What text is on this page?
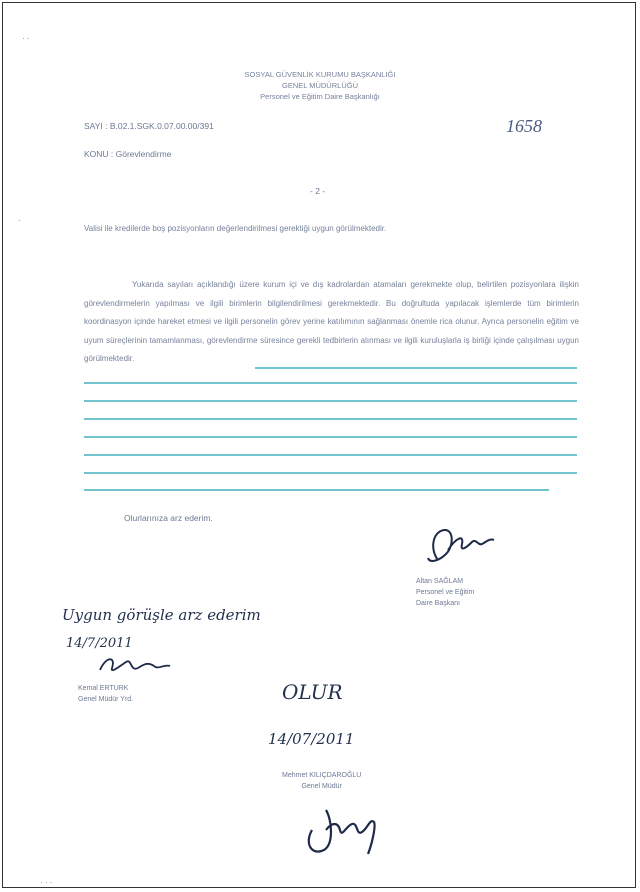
· ·
·
SOSYAL GÜVENLİK KURUMU BAŞKANLIĞI
GENEL MÜDÜRLÜĞÜ
Personel ve Eğitim Daire Başkanlığı
1658
SAYI : B.02.1.SGK.0.07.00.00/391
KONU : Görevlendirme
- 2 -
Valisi ile kredilerde boş pozisyonların değerlendirilmesi gerektiği uygun görülmektedir.
Yukarıda sayıları açıklandığı üzere kurum içi ve dış kadrolardan atamaları gerekmekte olup, belirtilen pozisyonlara ilişkin görevlendirmelerin yapılması ve ilgili birimlerin bilgilendirilmesi gerekmektedir. Bu doğrultuda yapılacak işlemlerde tüm birimlerin koordinasyon içinde hareket etmesi ve ilgili personelin görev yerine katılımının sağlanması önemle rica olunur. Ayrıca personelin eğitim ve uyum süreçlerinin tamamlanması, görevlendirme süresince gerekli tedbirlerin alınması ve ilgili kuruluşlarla iş birliği içinde çalışılması uygun görülmektedir.
Olurlarınıza arz ederim.
Altan SAĞLAM
Personel ve Eğitim
Daire Başkanı
Uygun görüşle arz ederim
14/7/2011
Kemal ERTÜRK
Genel Müdür Yrd.	OLUR
14/07/2011
Mehmet KILIÇDAROĞLU
Genel Müdür
· · ·
